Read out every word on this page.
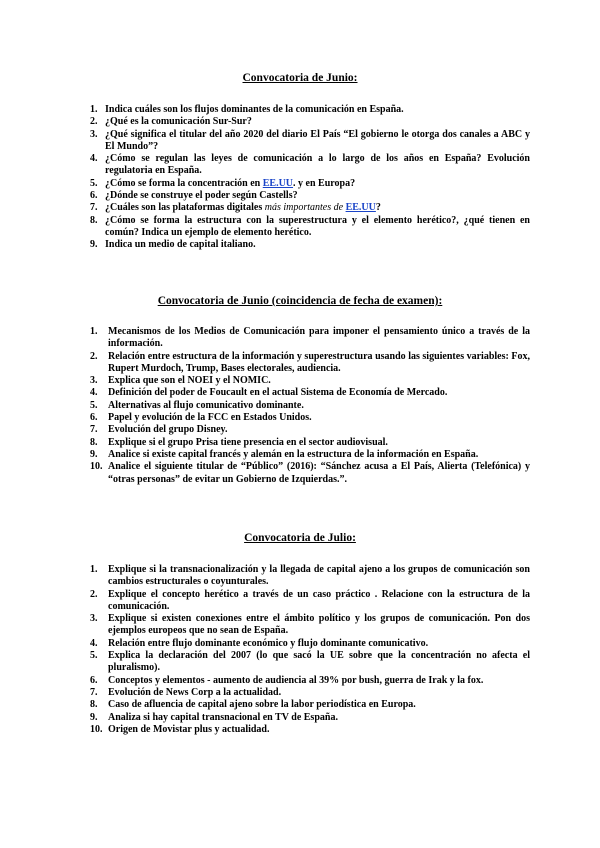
Convocatoria de Junio:
1. Indica cuáles son los flujos dominantes de la comunicación en España.
2. ¿Qué es la comunicación Sur-Sur?
3. ¿Qué significa el titular del año 2020 del diario El País “El gobierno le otorga dos canales a ABC y El Mundo”?
4. ¿Cómo se regulan las leyes de comunicación a lo largo de los años en España? Evolución regulatoria en España.
5. ¿Cómo se forma la concentración en EE.UU. y en Europa?
6. ¿Dónde se construye el poder según Castells?
7. ¿Cuáles son las plataformas digitales más importantes de EE.UU?
8. ¿Cómo se forma la estructura con la superestructura y el elemento herético?, ¿qué tienen en común? Indica un ejemplo de elemento herético.
9. Indica un medio de capital italiano.
Convocatoria de Junio (coincidencia de fecha de examen):
1. Mecanismos de los Medios de Comunicación para imponer el pensamiento único a través de la información.
2. Relación entre estructura de la información y superestructura usando las siguientes variables: Fox, Rupert Murdoch, Trump, Bases electorales, audiencia.
3. Explica que son el NOEI y el NOMIC.
4. Definición del poder de Foucault en el actual Sistema de Economía de Mercado.
5. Alternativas al flujo comunicativo dominante.
6. Papel y evolución de la FCC en Estados Unidos.
7. Evolución del grupo Disney.
8. Explique si el grupo Prisa tiene presencia en el sector audiovisual.
9. Analice si existe capital francés y alemán en la estructura de la información en España.
10. Analice el siguiente titular de “Público” (2016): “Sánchez acusa a El País, Alierta (Telefónica) y “otras personas” de evitar un Gobierno de Izquierdas.”.
Convocatoria de Julio:
1. Explique si la transnacionalización y la llegada de capital ajeno a los grupos de comunicación son cambios estructurales o coyunturales.
2. Explique el concepto herético a través de un caso práctico . Relacione con la estructura de la comunicación.
3. Explique si existen conexiones entre el ámbito político y los grupos de comunicación. Pon dos ejemplos europeos que no sean de España.
4. Relación entre flujo dominante económico y flujo dominante comunicativo.
5. Explica la declaración del 2007 (lo que sacó la UE sobre que la concentración no afecta el pluralismo).
6. Conceptos y elementos - aumento de audiencia al 39% por bush, guerra de Irak y la fox.
7. Evolución de News Corp a la actualidad.
8. Caso de afluencia de capital ajeno sobre la labor periodística en Europa.
9. Analiza si hay capital transnacional en TV de España.
10. Origen de Movistar plus y actualidad.
